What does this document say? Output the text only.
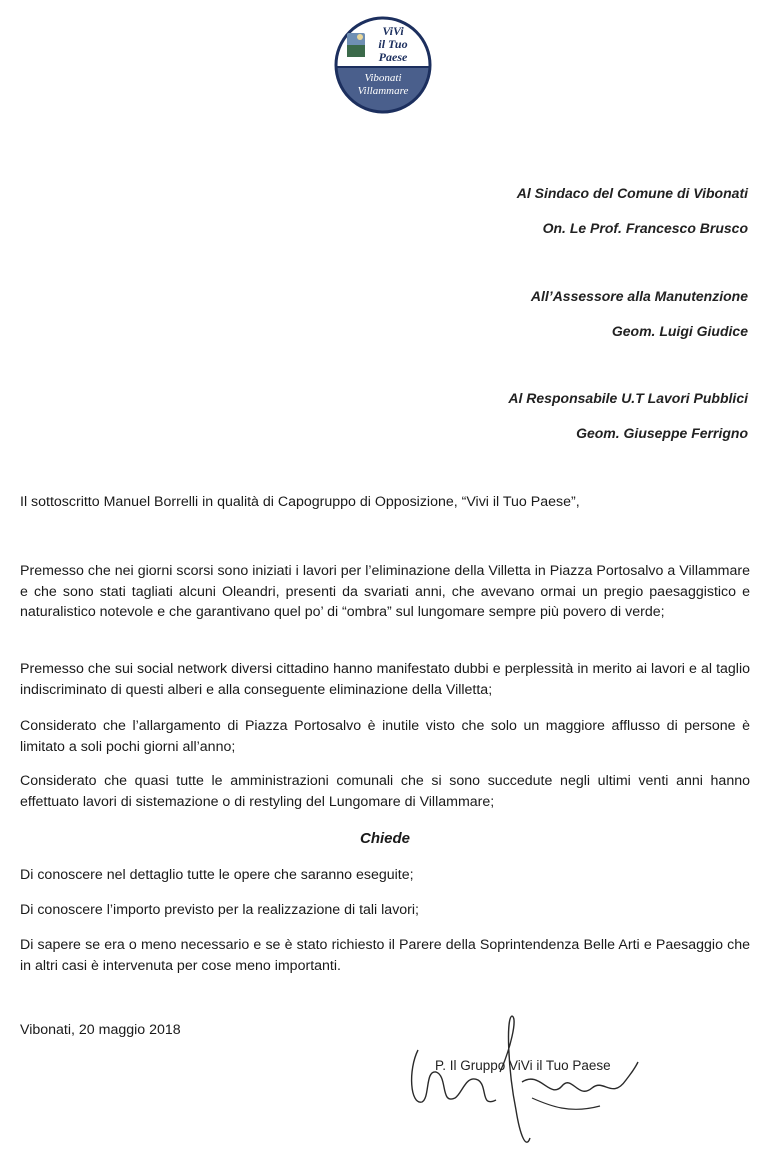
ViVi
il Tuo
Paese
Vibonati
Villammare
Al Sindaco del Comune di Vibonati
On. Le Prof. Francesco Brusco
All’Assessore alla Manutenzione
Geom. Luigi Giudice
Al Responsabile U.T Lavori Pubblici
Geom. Giuseppe Ferrigno

Il sottoscritto Manuel Borrelli in qualità di Capogruppo di Opposizione, “Vivi il Tuo Paese”,

Premesso che nei giorni scorsi sono iniziati i lavori per l’eliminazione della Villetta in Piazza Portosalvo a Villammare e che sono stati tagliati alcuni Oleandri, presenti da svariati anni, che avevano ormai un pregio paesaggistico e naturalistico notevole e che garantivano quel po’ di “ombra” sul lungomare sempre più povero di verde;

Premesso che sui social network diversi cittadino hanno manifestato dubbi e perplessità in merito ai lavori e al taglio indiscriminato di questi alberi e alla conseguente eliminazione della Villetta;

Considerato che l’allargamento di Piazza Portosalvo è inutile visto che solo un maggiore afflusso di persone è limitato a soli pochi giorni all’anno;

Considerato che quasi tutte le amministrazioni comunali che si sono succedute negli ultimi venti anni hanno effettuato lavori di sistemazione o di restyling del Lungomare di Villammare;

Chiede

Di conoscere nel dettaglio tutte le opere che saranno eseguite;

Di conoscere l’importo previsto per la realizzazione di tali lavori;

Di sapere se era o meno necessario e se è stato richiesto il Parere della Soprintendenza Belle Arti e Paesaggio che in altri casi è intervenuta per cose meno importanti.

Vibonati, 20 maggio 2018
P. Il Gruppo ViVi il Tuo Paese
